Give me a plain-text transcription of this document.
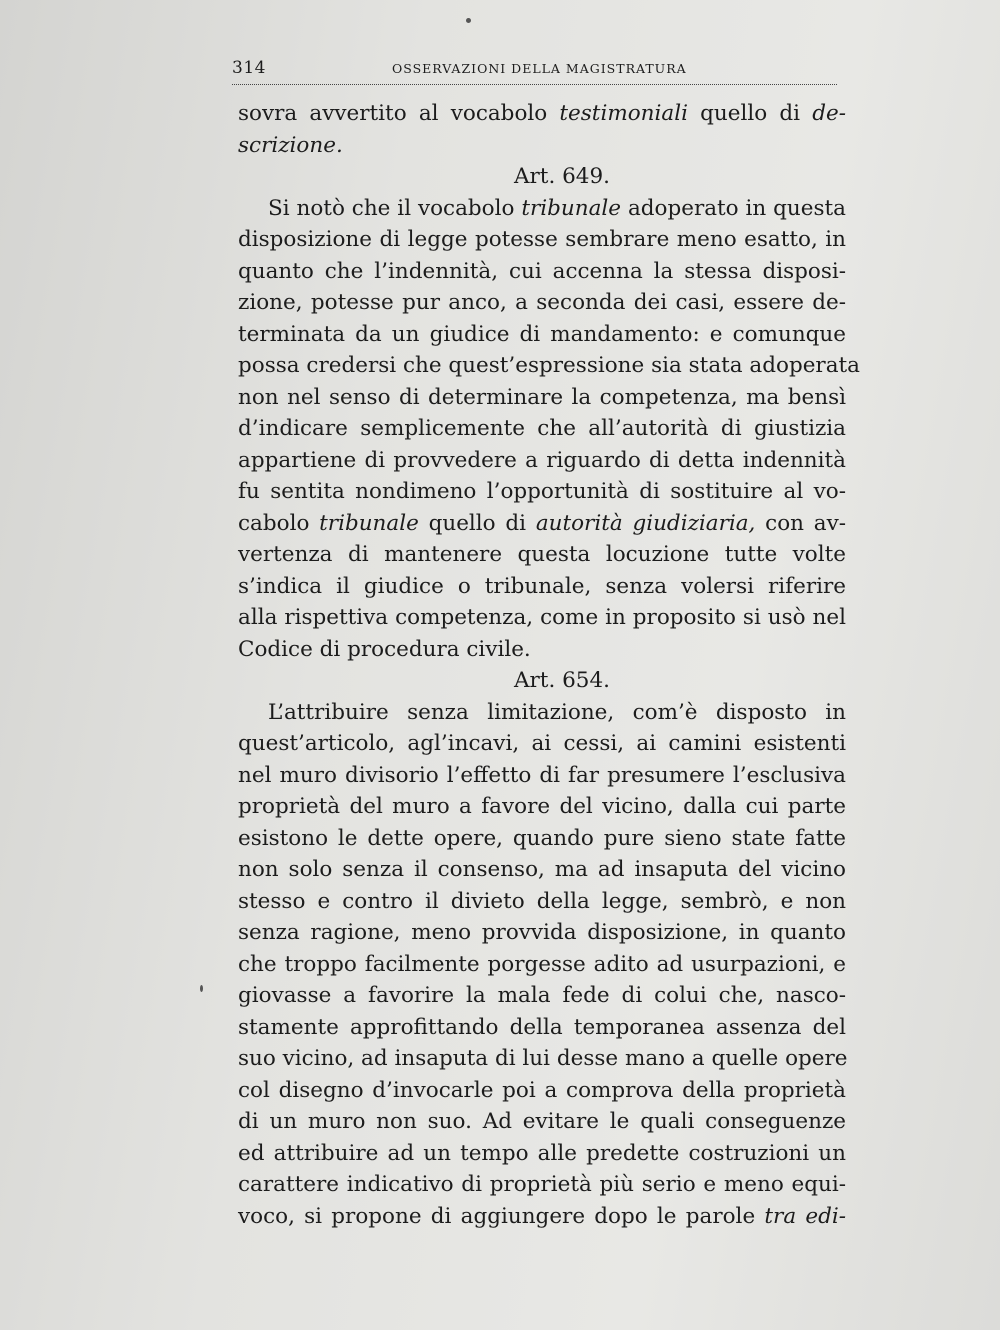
314	OSSERVAZIONI DELLA MAGISTRATURA
sovra avvertito al vocabolo testimoniali quello di de-
scrizione.
Art. 649.
Si notò che il vocabolo tribunale adoperato in questa
disposizione di legge potesse sembrare meno esatto, in
quanto che l’indennità, cui accenna la stessa disposi-
zione, potesse pur anco, a seconda dei casi, essere de-
terminata da un giudice di mandamento: e comunque
possa credersi che quest’espressione sia stata adoperata
non nel senso di determinare la competenza, ma bensì
d’indicare semplicemente che all’autorità di giustizia
appartiene di provvedere a riguardo di detta indennità
fu sentita nondimeno l’opportunità di sostituire al vo-
cabolo tribunale quello di autorità giudiziaria, con av-
vertenza di mantenere questa locuzione tutte volte
s’indica il giudice o tribunale, senza volersi riferire
alla rispettiva competenza, come in proposito si usò nel
Codice di procedura civile.
Art. 654.
L’attribuire senza limitazione, com’è disposto in
quest’articolo, agl’incavi, ai cessi, ai camini esistenti
nel muro divisorio l’effetto di far presumere l’esclusiva
proprietà del muro a favore del vicino, dalla cui parte
esistono le dette opere, quando pure sieno state fatte
non solo senza il consenso, ma ad insaputa del vicino
stesso e contro il divieto della legge, sembrò, e non
senza ragione, meno provvida disposizione, in quanto
che troppo facilmente porgesse adito ad usurpazioni, e
giovasse a favorire la mala fede di colui che, nasco-
stamente approfittando della temporanea assenza del
suo vicino, ad insaputa di lui desse mano a quelle opere
col disegno d’invocarle poi a comprova della proprietà
di un muro non suo. Ad evitare le quali conseguenze
ed attribuire ad un tempo alle predette costruzioni un
carattere indicativo di proprietà più serio e meno equi-
voco, si propone di aggiungere dopo le parole tra edi-
